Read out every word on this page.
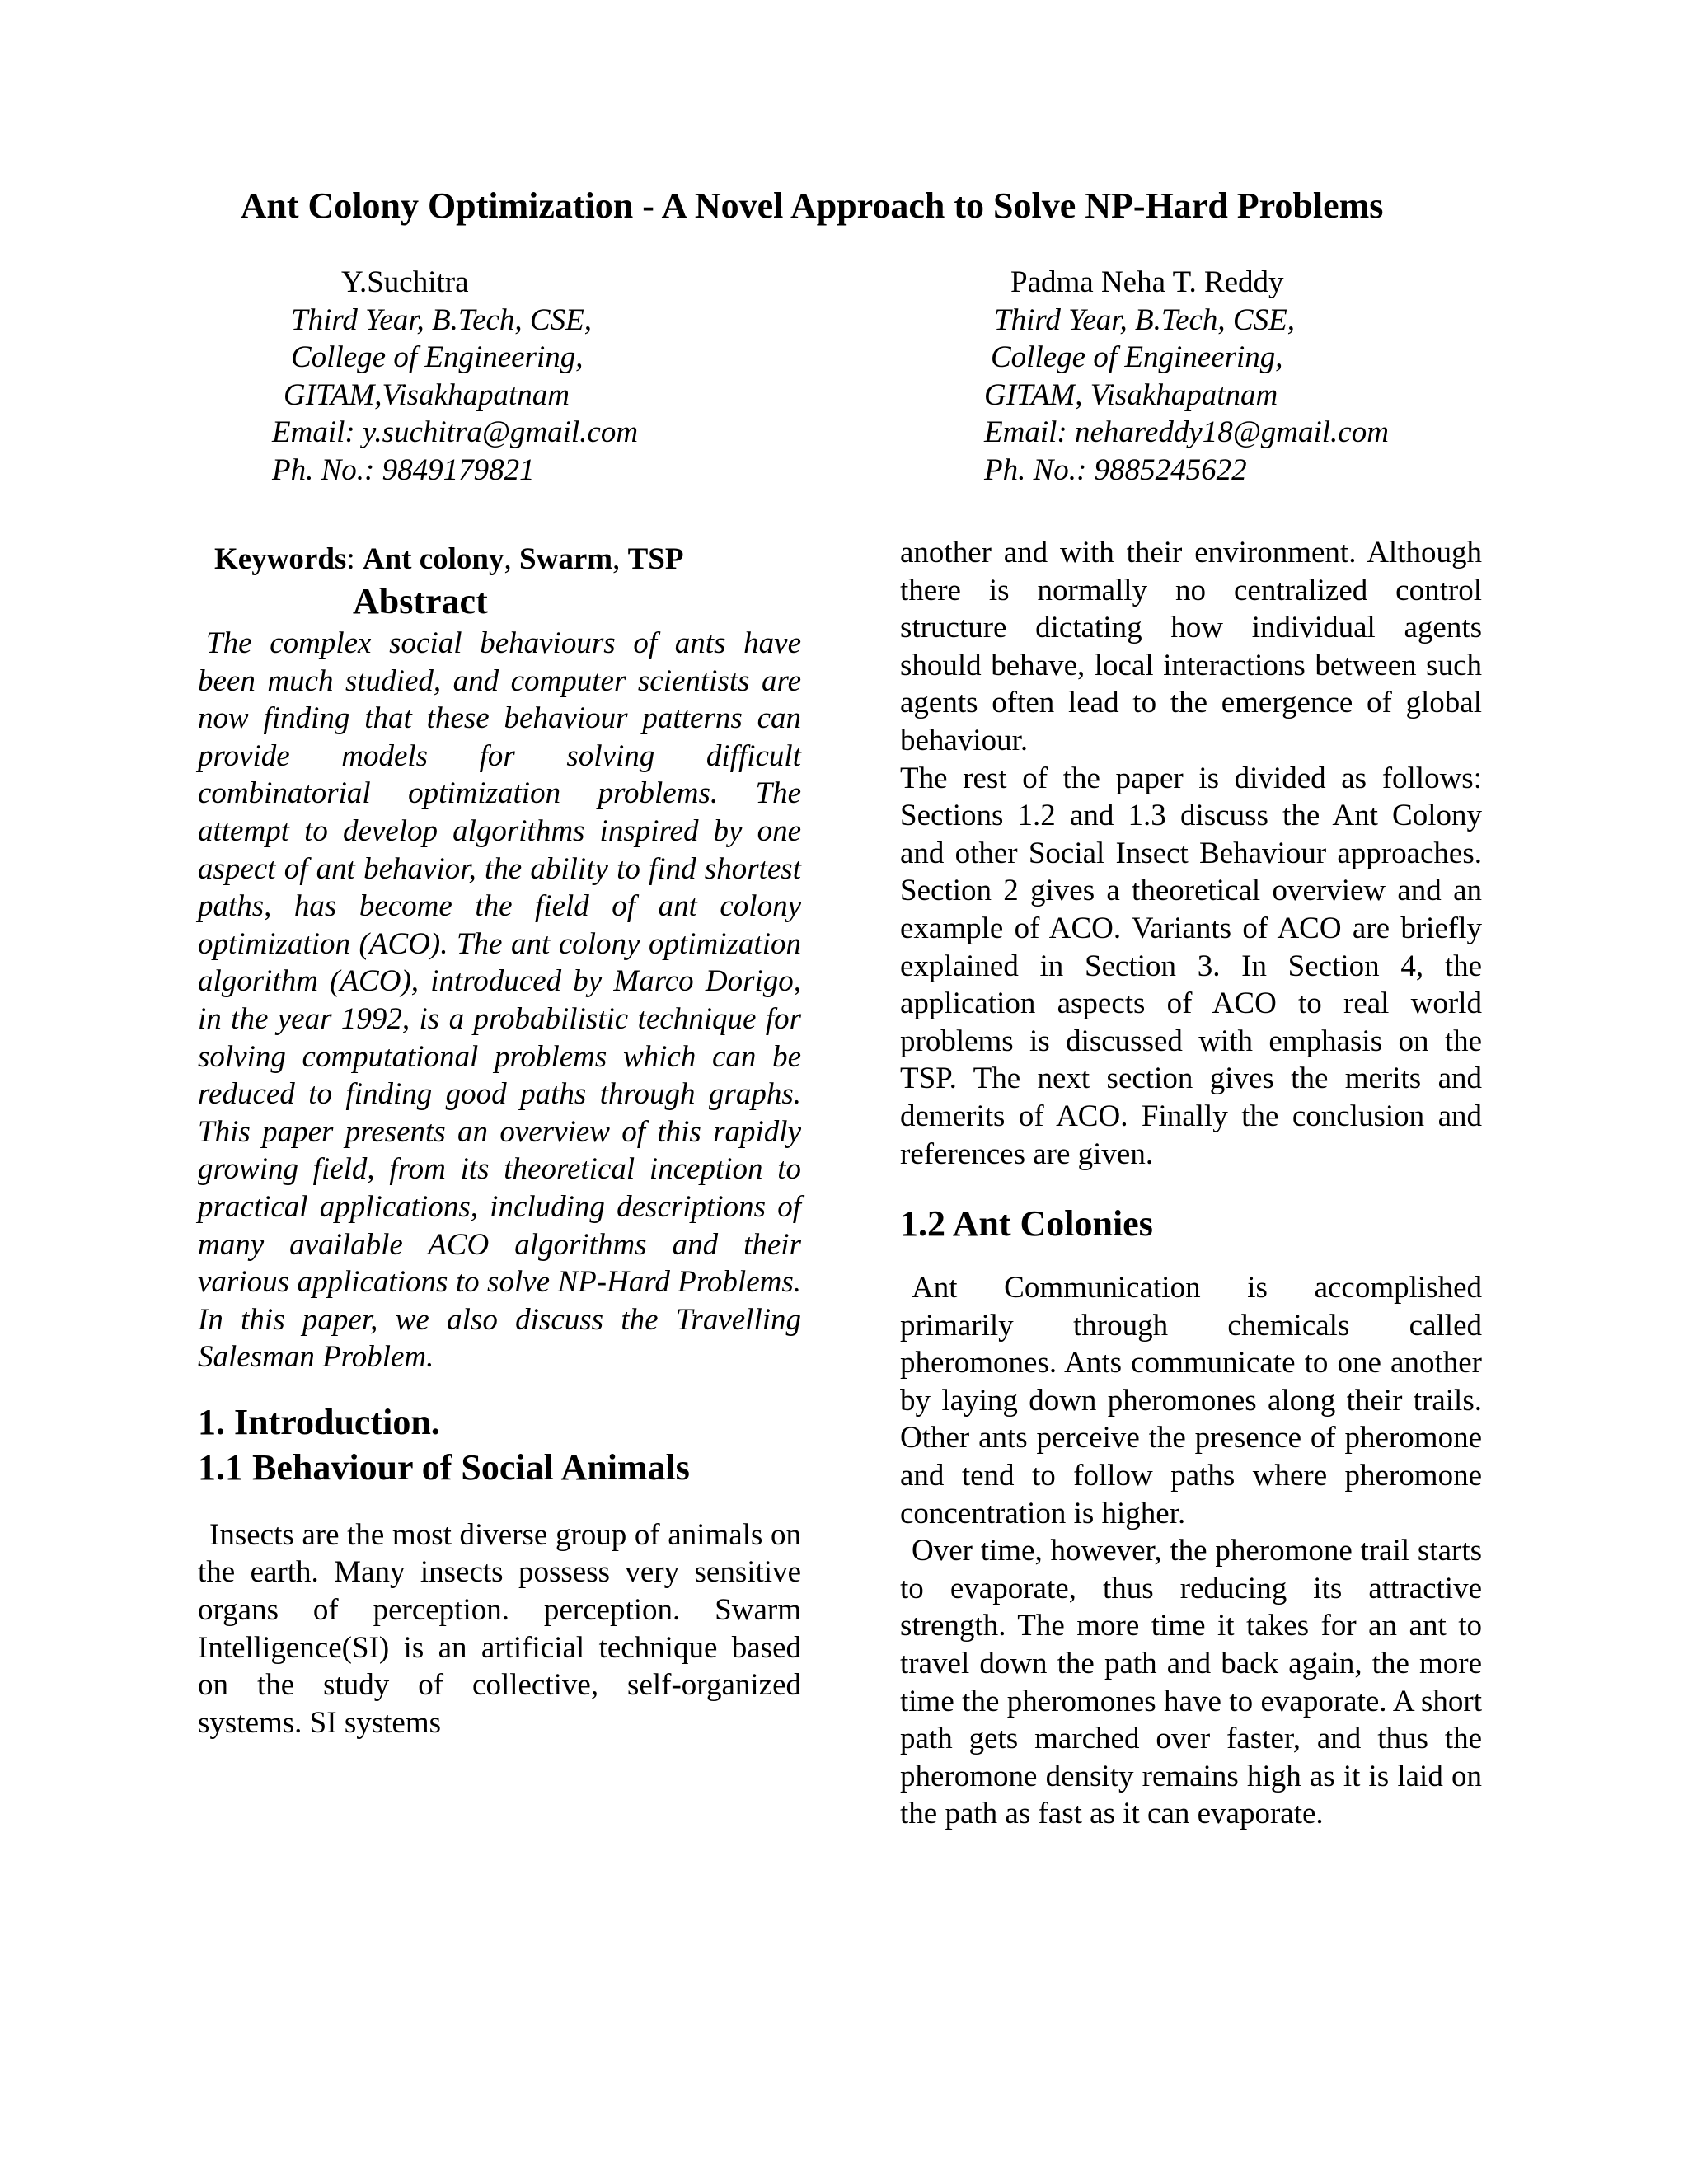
Ant Colony Optimization - A Novel Approach to Solve NP-Hard Problems
Y.Suchitra
Third Year, B.Tech, CSE,
College of Engineering,
GITAM,Visakhapatnam
Email: y.suchitra@gmail.com
Ph. No.: 9849179821
Padma Neha T. Reddy
Third Year, B.Tech, CSE,
College of Engineering,
GITAM, Visakhapatnam
Email: nehareddy18@gmail.com
Ph. No.: 9885245622
Keywords: Ant colony, Swarm, TSP
Abstract

The complex social behaviours of ants have been much studied, and computer scientists are now finding that these behaviour patterns can provide models for solving difficult combinatorial optimization problems. The attempt to develop algorithms inspired by one aspect of ant behavior, the ability to find shortest paths, has become the field of ant colony optimization (ACO). The ant colony optimization algorithm (ACO), introduced by Marco Dorigo, in the year 1992, is a probabilistic technique for solving computational problems which can be reduced to finding good paths through graphs. This paper presents an overview of this rapidly growing field, from its theoretical inception to practical applications, including descriptions of many available ACO algorithms and their various applications to solve NP-Hard Problems. In this paper, we also discuss the Travelling Salesman Problem.

1. Introduction.
1.1 Behaviour of Social Animals

Insects are the most diverse group of animals on the earth. Many insects possess very sensitive organs of perception. perception. Swarm Intelligence(SI) is an artificial technique based on the study of collective, self-organized systems. SI systems

another and with their environment. Although there is normally no centralized control structure dictating how individual agents should behave, local interactions between such agents often lead to the emergence of global behaviour.

The rest of the paper is divided as follows: Sections 1.2 and 1.3 discuss the Ant Colony and other Social Insect Behaviour approaches. Section 2 gives a theoretical overview and an example of ACO. Variants of ACO are briefly explained in Section 3. In Section 4, the application aspects of ACO to real world problems is discussed with emphasis on the TSP. The next section gives the merits and demerits of ACO. Finally the conclusion and references are given.

1.2 Ant Colonies

Ant Communication is accomplished primarily through chemicals called pheromones. Ants communicate to one another by laying down pheromones along their trails. Other ants perceive the presence of pheromone and tend to follow paths where pheromone concentration is higher.

Over time, however, the pheromone trail starts to evaporate, thus reducing its attractive strength. The more time it takes for an ant to travel down the path and back again, the more time the pheromones have to evaporate. A short path gets marched over faster, and thus the pheromone density remains high as it is laid on the path as fast as it can evaporate.
